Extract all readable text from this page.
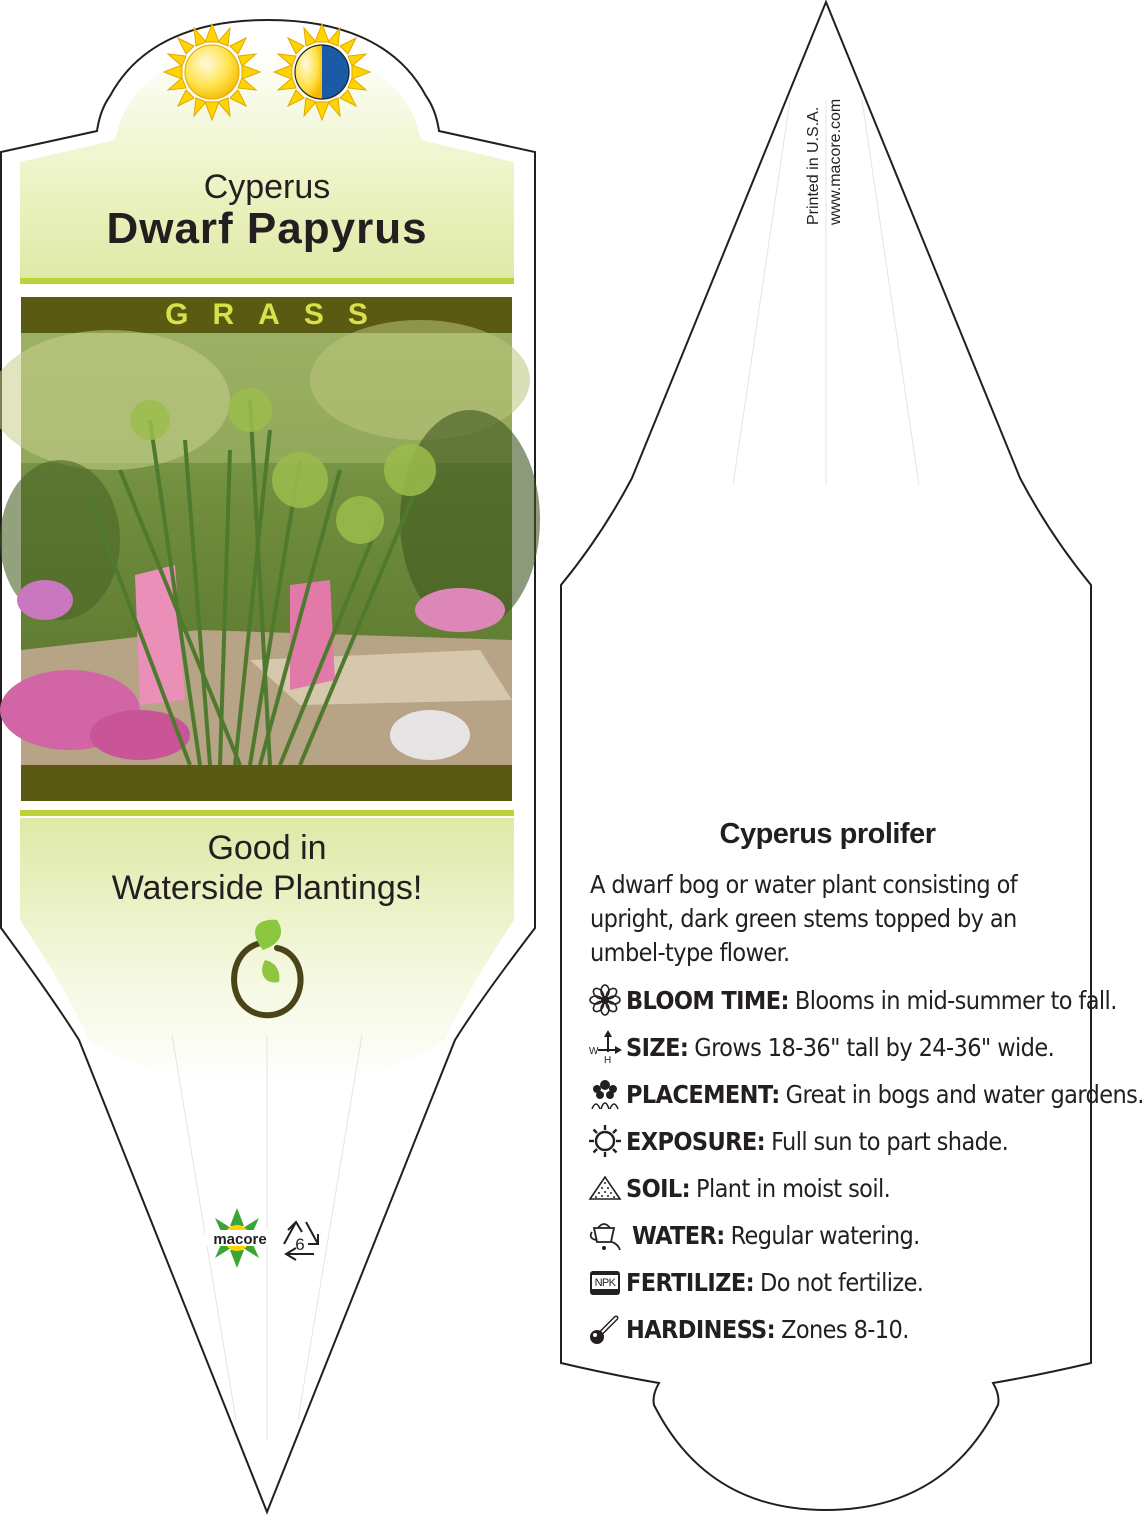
Cyperus
Dwarf Papyrus
GRASS
Good in
Waterside Plantings!
macore 6
Printed in U.S.A. www.macore.com
Cyperus prolifer
A dwarf bog or water plant consisting of upright, dark green stems topped by an umbel-type flower.
BLOOM TIME: Blooms in mid-summer to fall.
W
H SIZE: Grows 18-36" tall by 24-36" wide.
PLACEMENT: Great in bogs and water gardens.
EXPOSURE: Full sun to part shade.
SOIL: Plant in moist soil.
WATER: Regular watering.
NPK FERTILIZE: Do not fertilize.
HARDINESS: Zones 8-10.
